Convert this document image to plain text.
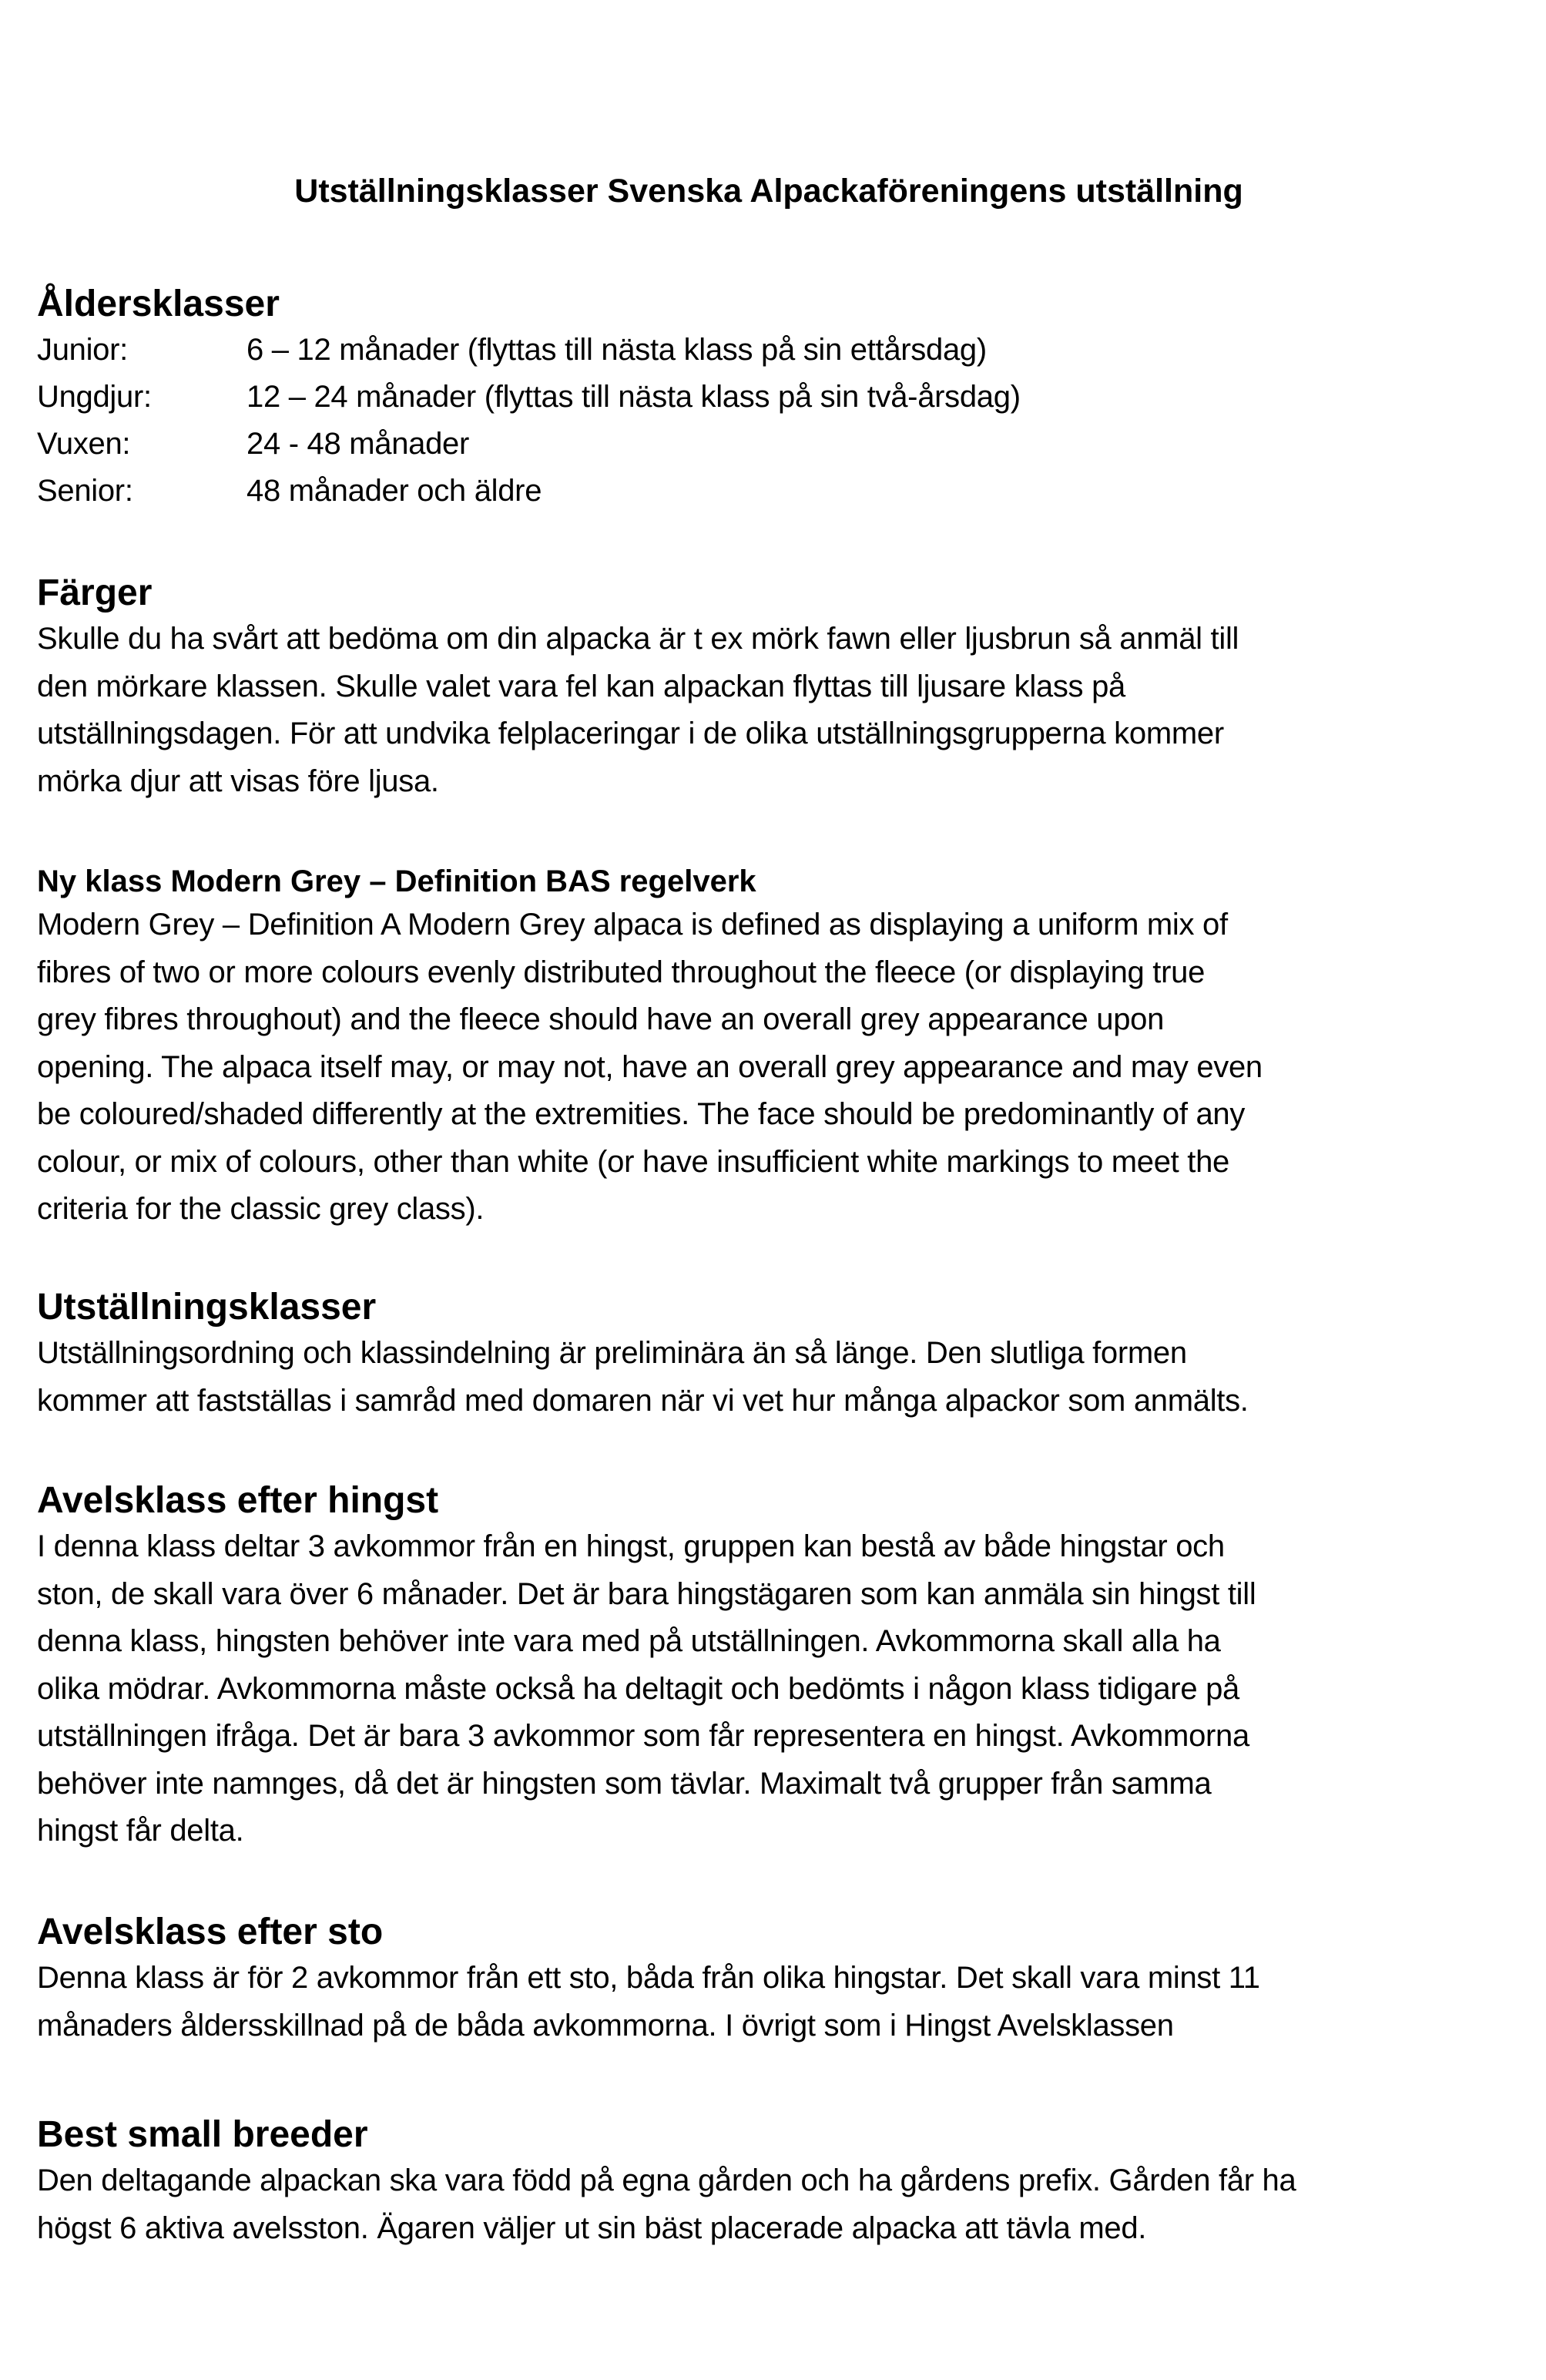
Utställningsklasser Svenska Alpackaföreningens utställning
Åldersklasser
Junior:	6 – 12 månader (flyttas till nästa klass på sin ettårsdag)
Ungdjur:	12 – 24 månader (flyttas till nästa klass på sin två-årsdag)
Vuxen:	24 - 48 månader
Senior:	48 månader och äldre
Färger
Skulle du ha svårt att bedöma om din alpacka är t ex mörk fawn eller ljusbrun så anmäl till
den mörkare klassen. Skulle valet vara fel kan alpackan flyttas till ljusare klass på
utställningsdagen. För att undvika felplaceringar i de olika utställningsgrupperna kommer
mörka djur att visas före ljusa.
Ny klass Modern Grey – Definition BAS regelverk
Modern Grey – Definition A Modern Grey alpaca is defined as displaying a uniform mix of
fibres of two or more colours evenly distributed throughout the fleece (or displaying true
grey fibres throughout) and the fleece should have an overall grey appearance upon
opening. The alpaca itself may, or may not, have an overall grey appearance and may even
be coloured/shaded differently at the extremities. The face should be predominantly of any
colour, or mix of colours, other than white (or have insufficient white markings to meet the
criteria for the classic grey class).
Utställningsklasser
Utställningsordning och klassindelning är preliminära än så länge. Den slutliga formen
kommer att fastställas i samråd med domaren när vi vet hur många alpackor som anmälts.
Avelsklass efter hingst
I denna klass deltar 3 avkommor från en hingst, gruppen kan bestå av både hingstar och
ston, de skall vara över 6 månader. Det är bara hingstägaren som kan anmäla sin hingst till
denna klass, hingsten behöver inte vara med på utställningen. Avkommorna skall alla ha
olika mödrar. Avkommorna måste också ha deltagit och bedömts i någon klass tidigare på
utställningen ifråga. Det är bara 3 avkommor som får representera en hingst. Avkommorna
behöver inte namnges, då det är hingsten som tävlar. Maximalt två grupper från samma
hingst får delta.
Avelsklass efter sto
Denna klass är för 2 avkommor från ett sto, båda från olika hingstar. Det skall vara minst 11
månaders åldersskillnad på de båda avkommorna. I övrigt som i Hingst Avelsklassen
Best small breeder
Den deltagande alpackan ska vara född på egna gården och ha gårdens prefix. Gården får ha
högst 6 aktiva avelsston. Ägaren väljer ut sin bäst placerade alpacka att tävla med.
